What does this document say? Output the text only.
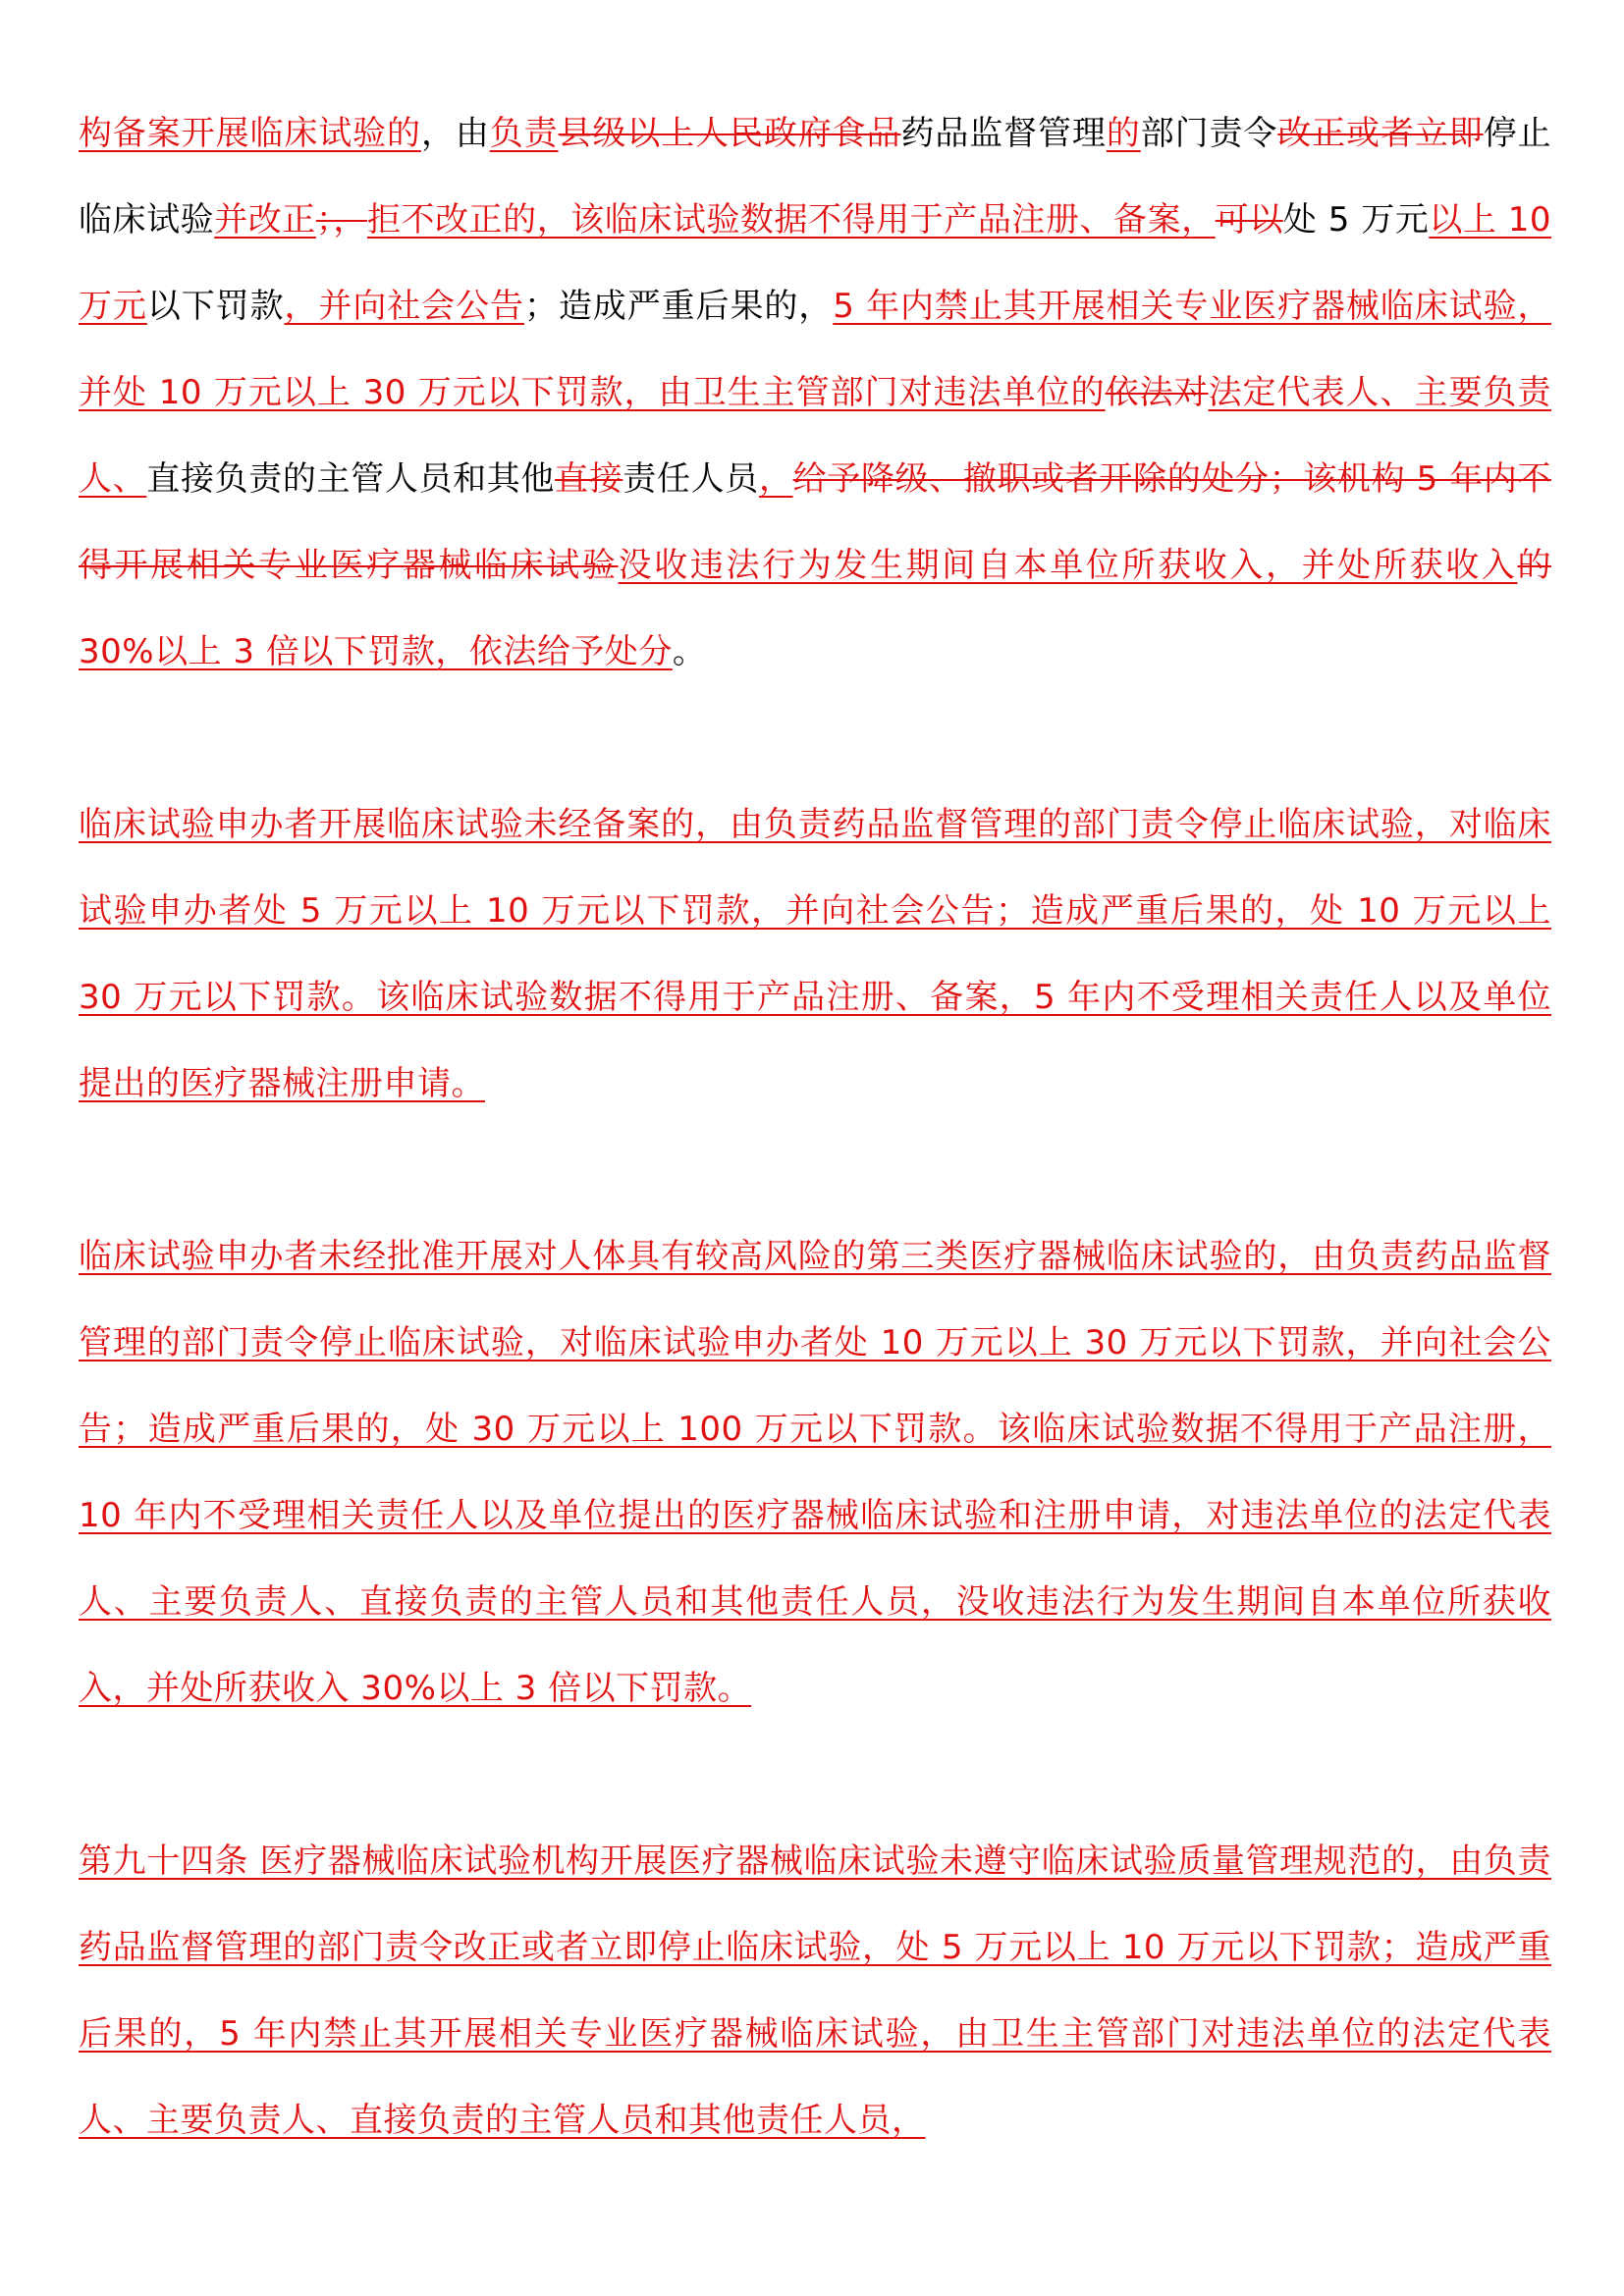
构备案开展临床试验的，由负责县级以上人民政府食品药品监督管理的部门责令改正或者立即停止临床试验并改正；，拒不改正的，该临床试验数据不得用于产品注册、备案，可以处 5 万元以上 10 万元以下罚款，并向社会公告；造成严重后果的，5 年内禁止其开展相关专业医疗器械临床试验，并处 10 万元以上 30 万元以下罚款，由卫生主管部门对违法单位的依法对法定代表人、主要负责人、直接负责的主管人员和其他直接责任人员，给予降级、撤职或者开除的处分；该机构 5 年内不得开展相关专业医疗器械临床试验没收违法行为发生期间自本单位所获收入，并处所获收入的 30%以上 3 倍以下罚款，依法给予处分。

临床试验申办者开展临床试验未经备案的，由负责药品监督管理的部门责令停止临床试验，对临床试验申办者处 5 万元以上 10 万元以下罚款，并向社会公告；造成严重后果的，处 10 万元以上 30 万元以下罚款。该临床试验数据不得用于产品注册、备案，5 年内不受理相关责任人以及单位提出的医疗器械注册申请。

临床试验申办者未经批准开展对人体具有较高风险的第三类医疗器械临床试验的，由负责药品监督管理的部门责令停止临床试验，对临床试验申办者处 10 万元以上 30 万元以下罚款，并向社会公告；造成严重后果的，处 30 万元以上 100 万元以下罚款。该临床试验数据不得用于产品注册，10 年内不受理相关责任人以及单位提出的医疗器械临床试验和注册申请，对违法单位的法定代表人、主要负责人、直接负责的主管人员和其他责任人员，没收违法行为发生期间自本单位所获收入，并处所获收入 30%以上 3 倍以下罚款。

第九十四条 医疗器械临床试验机构开展医疗器械临床试验未遵守临床试验质量管理规范的，由负责药品监督管理的部门责令改正或者立即停止临床试验，处 5 万元以上 10 万元以下罚款；造成严重后果的，5 年内禁止其开展相关专业医疗器械临床试验，由卫生主管部门对违法单位的法定代表人、主要负责人、直接负责的主管人员和其他责任人员，
